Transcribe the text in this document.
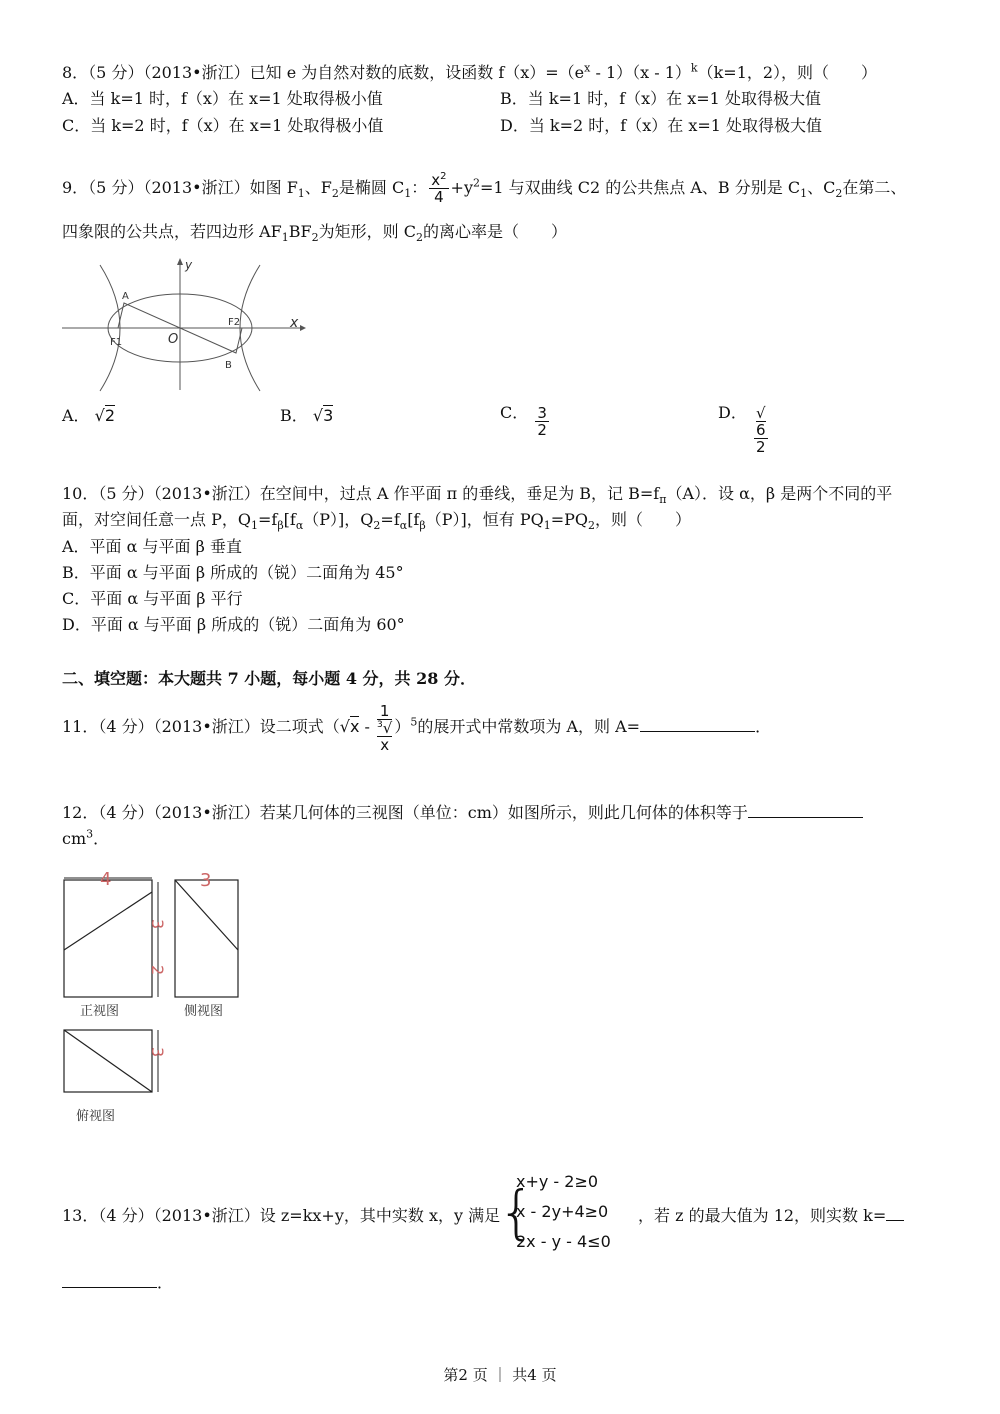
8．（5 分）（2013•浙江）已知 e 为自然对数的底数，设函数 $f(x)=(e^x - 1)(x - 1)^k(k=1$，2），则（　　）
A．当 k=1 时，f（x）在 x=1 处取得极小值	B．当 k=1 时，f（x）在 x=1 处取得极大值
C．当 k=2 时，f（x）在 x=1 处取得极小值	D．当 k=2 时，f（x）在 x=1 处取得极大值
9．（5 分）（2013•浙江）如图 $F_1$、$F_2$是椭圆 $C_1$： $\frac{x^2}{4} +y^2=1$ 与双曲线 C2 的公共焦点 A、B 分别是 $C_1$、$C_2$在第二、
四象限的公共点，若四边形 $AF_1BF_2$为矩形，则 $C_2$的离心率是（　　）
y
x
A
B
F1
F2
O
A． √2	B． √3	C． $\frac{3}{2}$	D． √
6
2
10．（5 分）（2013•浙江）在空间中，过点 A 作平面 π 的垂线，垂足为 B，记 $B=f_\pi(A)$．设 α，β 是两个不同的平
面，对空间任意一点 P，$Q_1=f_\beta[f_\alpha(P)]$，$Q_2=f_\alpha[f_\beta(P)]$，恒有 $PQ_1=PQ_2$，则（　　）
A．平面 α 与平面 β 垂直
B．平面 α 与平面 β 所成的（锐）二面角为 45°
C．平面 α 与平面 β 平行
D．平面 α 与平面 β 所成的（锐）二面角为 60°
二、填空题：本大题共 7 小题，每小题 4 分，共 28 分．
11．（4 分）（2013•浙江）设二项式（√x - 1
$^3$√
x ）$^5$的展开式中常数项为 A，则 A=	．
12．（4 分）（2013•浙江）若某几何体的三视图（单位：cm）如图所示，则此几何体的体积等于
$cm^3$．
4
3
2
正视图
3
侧视图
3
俯视图
13．（4 分）（2013•浙江）设 z=kx+y，其中实数 x，y 满足
{
x+y - 2≥0
x - 2y+4≥0
2x - y - 4≤0
，若 z 的最大值为 12，则实数 k=
．
第2 页 ｜ 共4 页
